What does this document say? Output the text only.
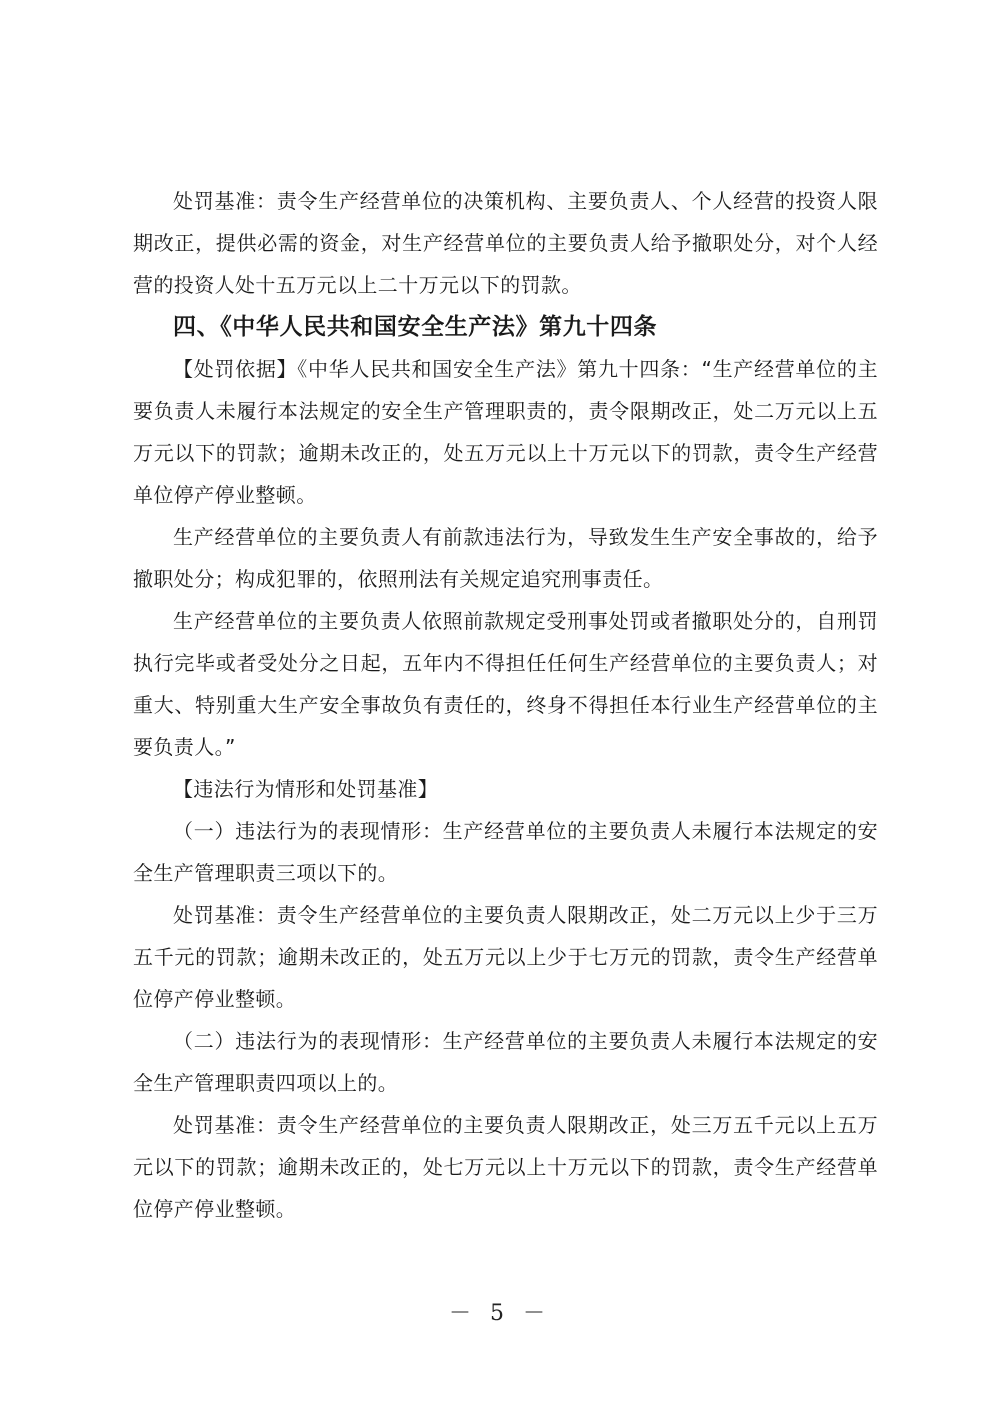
处罚基准：责令生产经营单位的决策机构、主要负责人、个人经营的投资人限期改正，提供必需的资金，对生产经营单位的主要负责人给予撤职处分，对个人经营的投资人处十五万元以上二十万元以下的罚款。

四、《中华人民共和国安全生产法》第九十四条

【处罚依据】《中华人民共和国安全生产法》第九十四条：“生产经营单位的主要负责人未履行本法规定的安全生产管理职责的，责令限期改正，处二万元以上五万元以下的罚款；逾期未改正的，处五万元以上十万元以下的罚款，责令生产经营单位停产停业整顿。

生产经营单位的主要负责人有前款违法行为，导致发生生产安全事故的，给予撤职处分；构成犯罪的，依照刑法有关规定追究刑事责任。

生产经营单位的主要负责人依照前款规定受刑事处罚或者撤职处分的，自刑罚执行完毕或者受处分之日起，五年内不得担任任何生产经营单位的主要负责人；对重大、特别重大生产安全事故负有责任的，终身不得担任本行业生产经营单位的主要负责人。”

【违法行为情形和处罚基准】

（一）违法行为的表现情形：生产经营单位的主要负责人未履行本法规定的安全生产管理职责三项以下的。

处罚基准：责令生产经营单位的主要负责人限期改正，处二万元以上少于三万五千元的罚款；逾期未改正的，处五万元以上少于七万元的罚款，责令生产经营单位停产停业整顿。

（二）违法行为的表现情形：生产经营单位的主要负责人未履行本法规定的安全生产管理职责四项以上的。

处罚基准：责令生产经营单位的主要负责人限期改正，处三万五千元以上五万元以下的罚款；逾期未改正的，处七万元以上十万元以下的罚款，责令生产经营单位停产停业整顿。

－ 5 －
